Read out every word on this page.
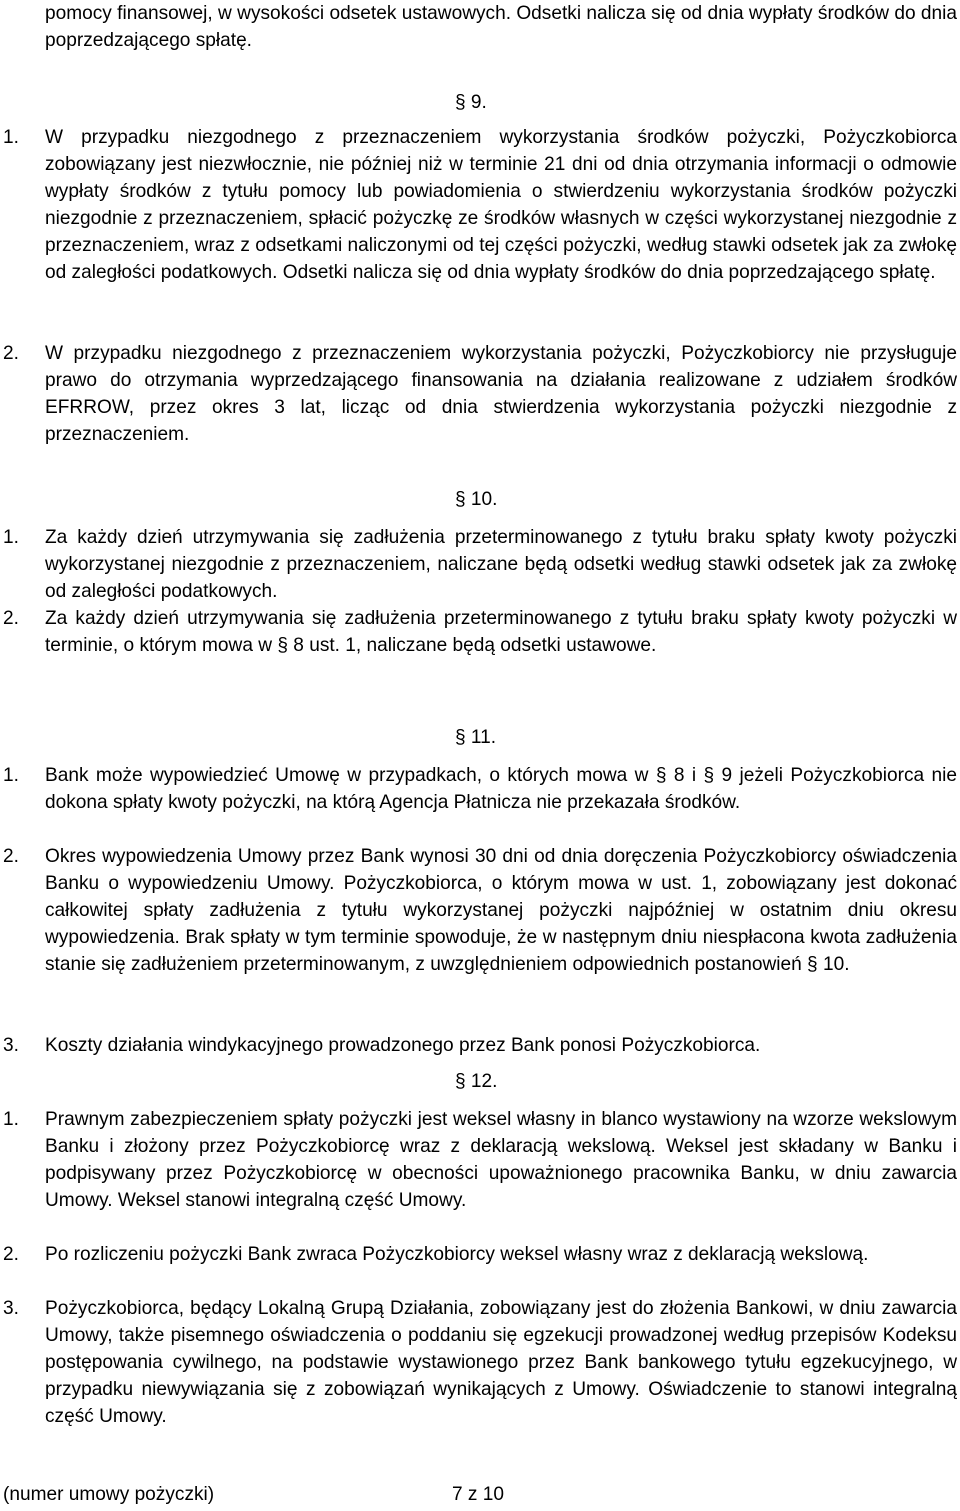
pomocy finansowej, w wysokości odsetek ustawowych. Odsetki nalicza się od dnia wypłaty środków do dnia poprzedzającego spłatę.

§ 9.
1. W przypadku niezgodnego z przeznaczeniem wykorzystania środków pożyczki, Pożyczkobiorca zobowiązany jest niezwłocznie, nie później niż w terminie 21 dni od dnia otrzymania informacji o odmowie wypłaty środków z tytułu pomocy lub powiadomienia o stwierdzeniu wykorzystania środków pożyczki niezgodnie z przeznaczeniem, spłacić pożyczkę ze środków własnych w części wykorzystanej niezgodnie z przeznaczeniem, wraz z odsetkami naliczonymi od tej części pożyczki, według stawki odsetek jak za zwłokę od zaległości podatkowych. Odsetki nalicza się od dnia wypłaty środków do dnia poprzedzającego spłatę.
2. W przypadku niezgodnego z przeznaczeniem wykorzystania pożyczki, Pożyczkobiorcy nie przysługuje prawo do otrzymania wyprzedzającego finansowania na działania realizowane z udziałem środków EFRROW, przez okres 3 lat, licząc od dnia stwierdzenia wykorzystania pożyczki niezgodnie z przeznaczeniem.
§ 10.
1. Za każdy dzień utrzymywania się zadłużenia przeterminowanego z tytułu braku spłaty kwoty pożyczki wykorzystanej niezgodnie z przeznaczeniem, naliczane będą odsetki według stawki odsetek jak za zwłokę od zaległości podatkowych.
2. Za każdy dzień utrzymywania się zadłużenia przeterminowanego z tytułu braku spłaty kwoty pożyczki w terminie, o którym mowa w § 8 ust. 1, naliczane będą odsetki ustawowe.
§ 11.
1. Bank może wypowiedzieć Umowę w przypadkach, o których mowa w § 8 i § 9 jeżeli Pożyczkobiorca nie dokona spłaty kwoty pożyczki, na którą Agencja Płatnicza nie przekazała środków.
2. Okres wypowiedzenia Umowy przez Bank wynosi 30 dni od dnia doręczenia Pożyczkobiorcy oświadczenia Banku o wypowiedzeniu Umowy. Pożyczkobiorca, o którym mowa w ust. 1, zobowiązany jest dokonać całkowitej spłaty zadłużenia z tytułu wykorzystanej pożyczki najpóźniej w ostatnim dniu okresu wypowiedzenia. Brak spłaty w tym terminie spowoduje, że w następnym dniu niespłacona kwota zadłużenia stanie się zadłużeniem przeterminowanym, z uwzględnieniem odpowiednich postanowień § 10.
3. Koszty działania windykacyjnego prowadzonego przez Bank ponosi Pożyczkobiorca.
§ 12.
1. Prawnym zabezpieczeniem spłaty pożyczki jest weksel własny in blanco wystawiony na wzorze wekslowym Banku i złożony przez Pożyczkobiorcę wraz z deklaracją wekslową. Weksel jest składany w Banku i podpisywany przez Pożyczkobiorcę w obecności upoważnionego pracownika Banku, w dniu zawarcia Umowy. Weksel stanowi integralną część Umowy.
2. Po rozliczeniu pożyczki Bank zwraca Pożyczkobiorcy weksel własny wraz z deklaracją wekslową.
3. Pożyczkobiorca, będący Lokalną Grupą Działania, zobowiązany jest do złożenia Bankowi, w dniu zawarcia Umowy, także pisemnego oświadczenia o poddaniu się egzekucji prowadzonej według przepisów Kodeksu postępowania cywilnego, na podstawie wystawionego przez Bank bankowego tytułu egzekucyjnego, w przypadku niewywiązania się z zobowiązań wynikających z Umowy. Oświadczenie to stanowi integralną część Umowy.
(numer umowy pożyczki)	7 z 10
